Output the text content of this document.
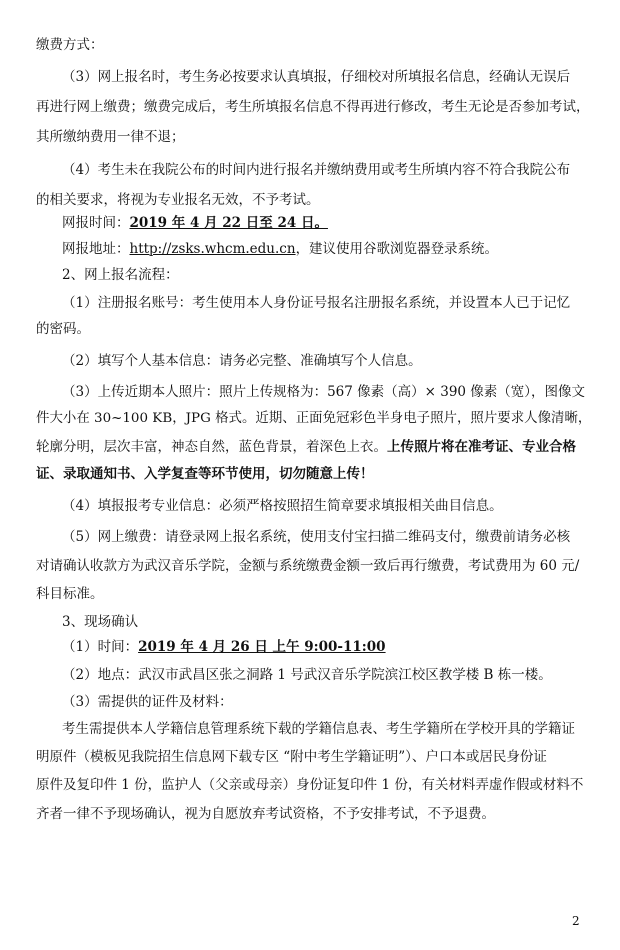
缴费方式：
（3）网上报名时，考生务必按要求认真填报，仔细校对所填报名信息，经确认无误后
再进行网上缴费；缴费完成后，考生所填报名信息不得再进行修改，考生无论是否参加考试，
其所缴纳费用一律不退；
（4）考生未在我院公布的时间内进行报名并缴纳费用或考生所填内容不符合我院公布
的相关要求，将视为专业报名无效，不予考试。
网报时间：2019 年 4 月 22 日至 24 日。
网报地址：http://zsks.whcm.edu.cn，建议使用谷歌浏览器登录系统。
2、网上报名流程：
（1）注册报名账号：考生使用本人身份证号报名注册报名系统，并设置本人已于记忆
的密码。
（2）填写个人基本信息：请务必完整、准确填写个人信息。
（3）上传近期本人照片：照片上传规格为：567 像素（高）× 390 像素（宽），图像文
件大小在 30~100 KB，JPG 格式。近期、正面免冠彩色半身电子照片，照片要求人像清晰，
轮廓分明，层次丰富，神态自然，蓝色背景，着深色上衣。上传照片将在准考证、专业合格
证、录取通知书、入学复查等环节使用，切勿随意上传！
（4）填报报考专业信息：必须严格按照招生简章要求填报相关曲目信息。
（5）网上缴费：请登录网上报名系统，使用支付宝扫描二维码支付，缴费前请务必核
对请确认收款方为武汉音乐学院，金额与系统缴费金额一致后再行缴费，考试费用为 60 元/
科目标准。
3、现场确认
（1）时间：2019 年 4 月 26 日 上午 9:00-11:00
（2）地点：武汉市武昌区张之洞路 1 号武汉音乐学院滨江校区教学楼 B 栋一楼。
（3）需提供的证件及材料：
考生需提供本人学籍信息管理系统下载的学籍信息表、考生学籍所在学校开具的学籍证
明原件（模板见我院招生信息网下载专区 “附中考生学籍证明”）、户口本或居民身份证
原件及复印件 1 份，监护人（父亲或母亲）身份证复印件 1 份，有关材料弄虚作假或材料不
齐者一律不予现场确认，视为自愿放弃考试资格，不予安排考试，不予退费。
2
